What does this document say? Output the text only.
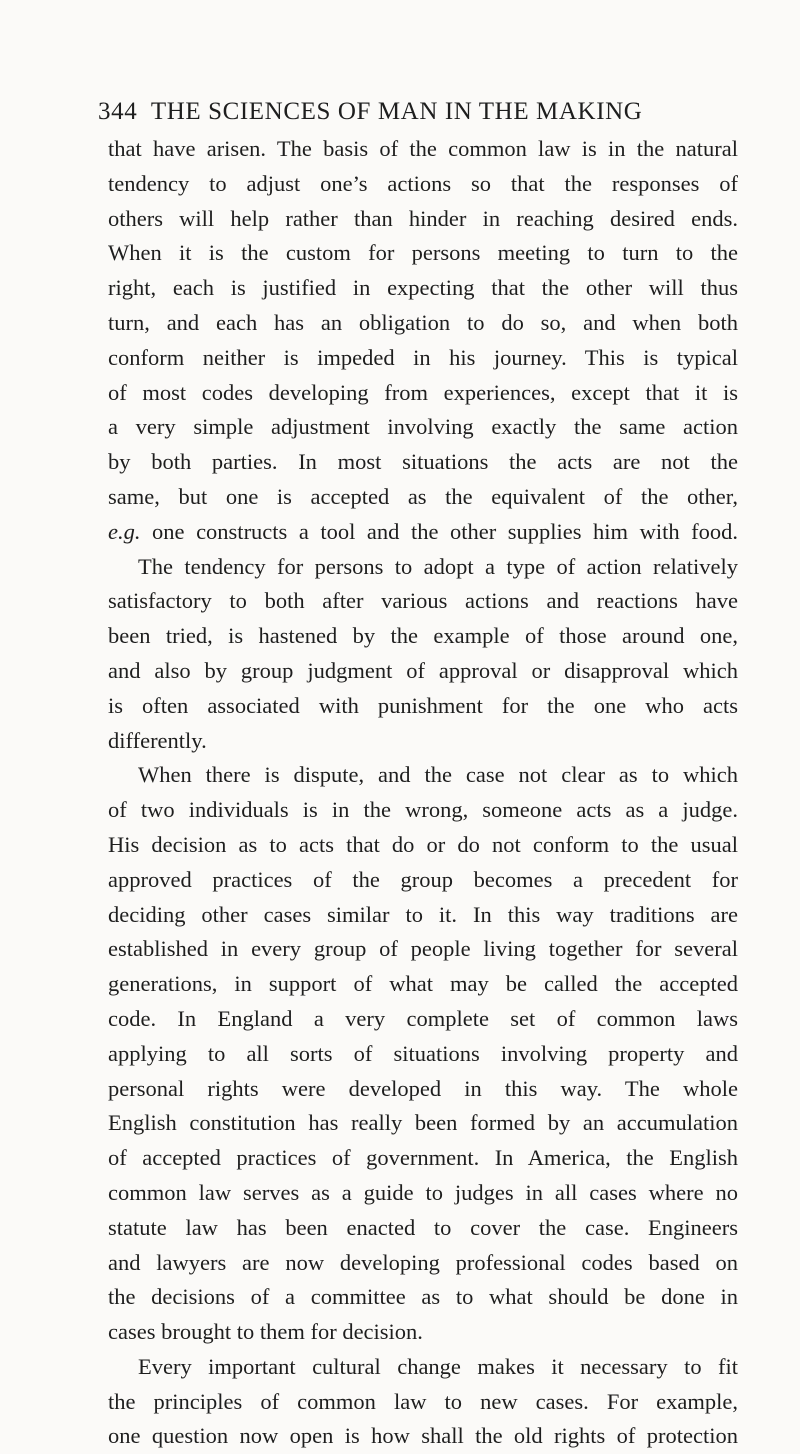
344 THE SCIENCES OF MAN IN THE MAKING
that have arisen. The basis of the common law is in the natural
tendency to adjust one’s actions so that the responses of
others will help rather than hinder in reaching desired ends.
When it is the custom for persons meeting to turn to the
right, each is justified in expecting that the other will thus
turn, and each has an obligation to do so, and when both
conform neither is impeded in his journey. This is typical
of most codes developing from experiences, except that it is
a very simple adjustment involving exactly the same action
by both parties. In most situations the acts are not the
same, but one is accepted as the equivalent of the other,
e.g. one constructs a tool and the other supplies him with food.
The tendency for persons to adopt a type of action relatively
satisfactory to both after various actions and reactions have
been tried, is hastened by the example of those around one,
and also by group judgment of approval or disapproval which
is often associated with punishment for the one who acts
differently.
When there is dispute, and the case not clear as to which
of two individuals is in the wrong, someone acts as a judge.
His decision as to acts that do or do not conform to the usual
approved practices of the group becomes a precedent for
deciding other cases similar to it. In this way traditions are
established in every group of people living together for several
generations, in support of what may be called the accepted
code. In England a very complete set of common laws
applying to all sorts of situations involving property and
personal rights were developed in this way. The whole
English constitution has really been formed by an accumulation
of accepted practices of government. In America, the English
common law serves as a guide to judges in all cases where no
statute law has been enacted to cover the case. Engineers
and lawyers are now developing professional codes based on
the decisions of a committee as to what should be done in
cases brought to them for decision.
Every important cultural change makes it necessary to fit
the principles of common law to new cases. For example,
one question now open is how shall the old rights of protection
